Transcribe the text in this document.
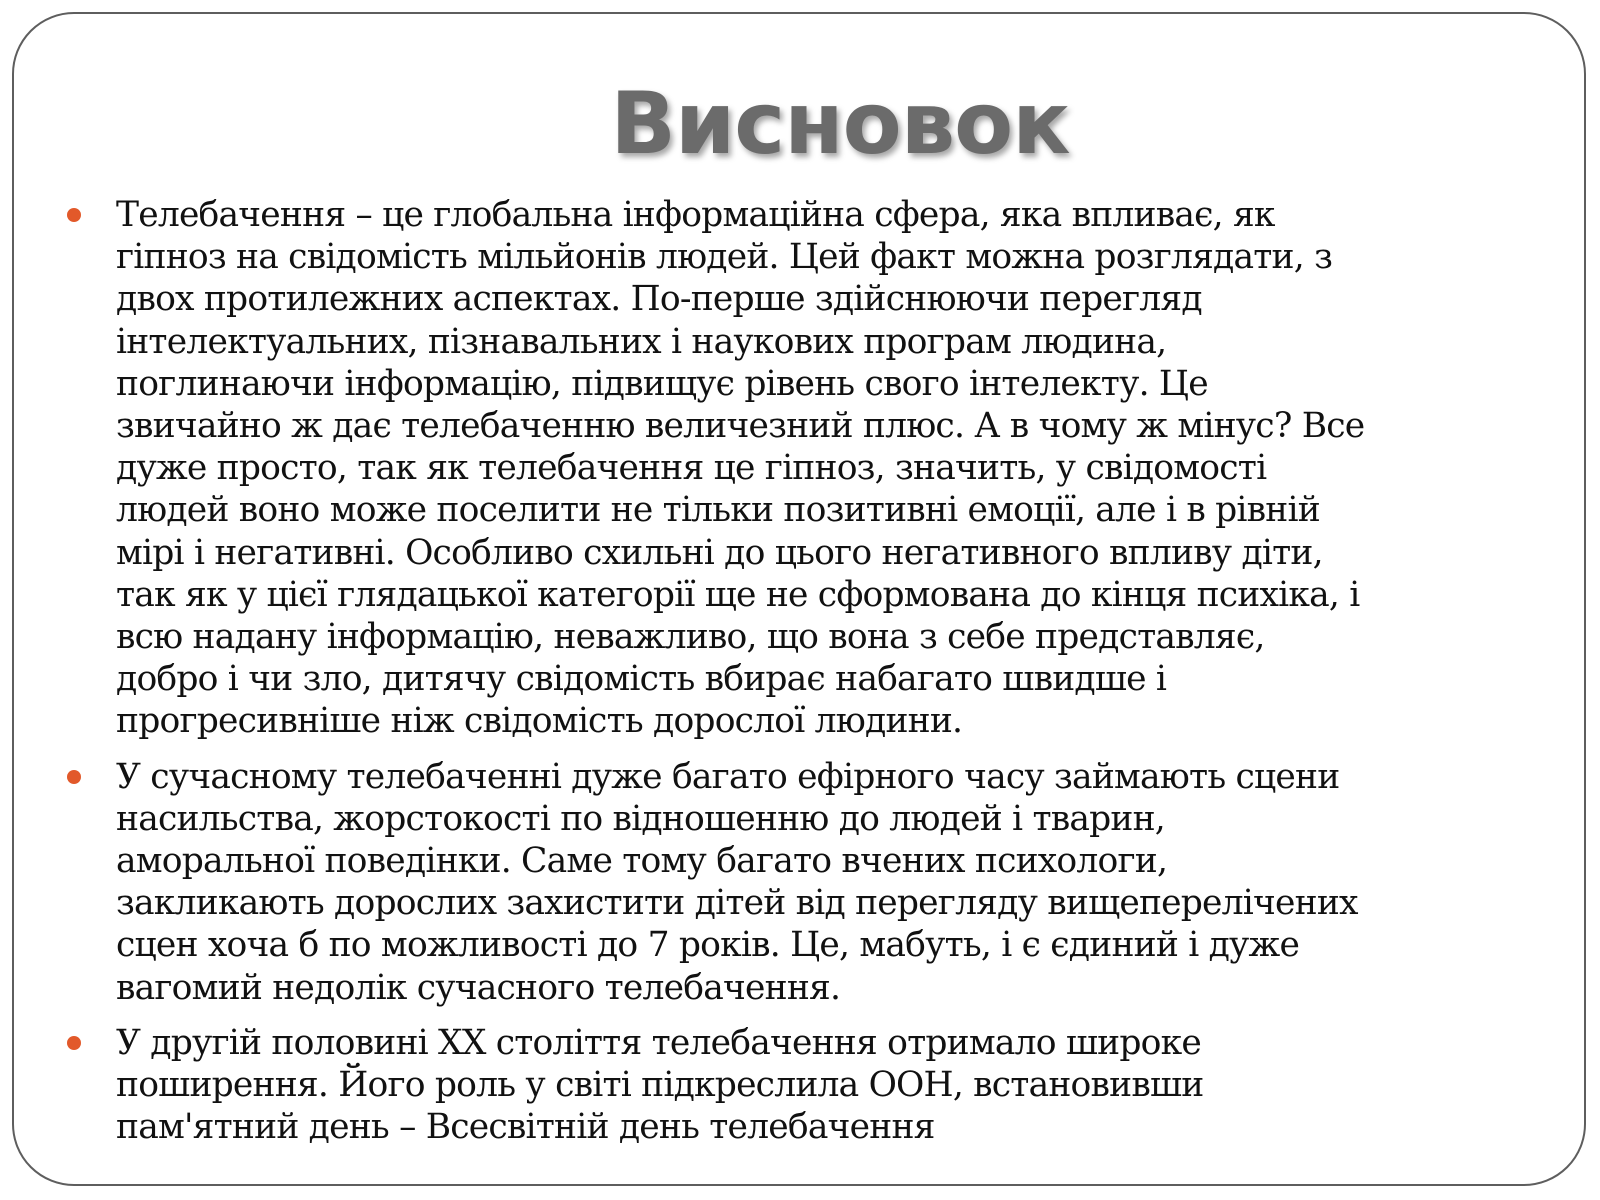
Висновок
Телебачення – це глобальна інформаційна сфера, яка впливає, як
гіпноз на свідомість мільйонів людей. Цей факт можна розглядати, з
двох протилежних аспектах. По-перше здійснюючи перегляд
інтелектуальних, пізнавальних і наукових програм людина,
поглинаючи інформацію, підвищує рівень свого інтелекту. Це
звичайно ж дає телебаченню величезний плюс. А в чому ж мінус? Все
дуже просто, так як телебачення це гіпноз, значить, у свідомості
людей воно може поселити не тільки позитивні емоції, але і в рівній
мірі і негативні. Особливо схильні до цього негативного впливу діти,
так як у цієї глядацької категорії ще не сформована до кінця психіка, і
всю надану інформацію, неважливо, що вона з себе представляє,
добро і чи зло, дитячу свідомість вбирає набагато швидше і
прогресивніше ніж свідомість дорослої людини.
У сучасному телебаченні дуже багато ефірного часу займають сцени
насильства, жорстокості по відношенню до людей і тварин,
аморальної поведінки. Саме тому багато вчених психологи,
закликають дорослих захистити дітей від перегляду вищеперелічених
сцен хоча б по можливості до 7 років. Це, мабуть, і є єдиний і дуже
вагомий недолік сучасного телебачення.
У другій половині XX століття телебачення отримало широке
поширення. Його роль у світі підкреслила ООН, встановивши
пам'ятний день – Всесвітній день телебачення
